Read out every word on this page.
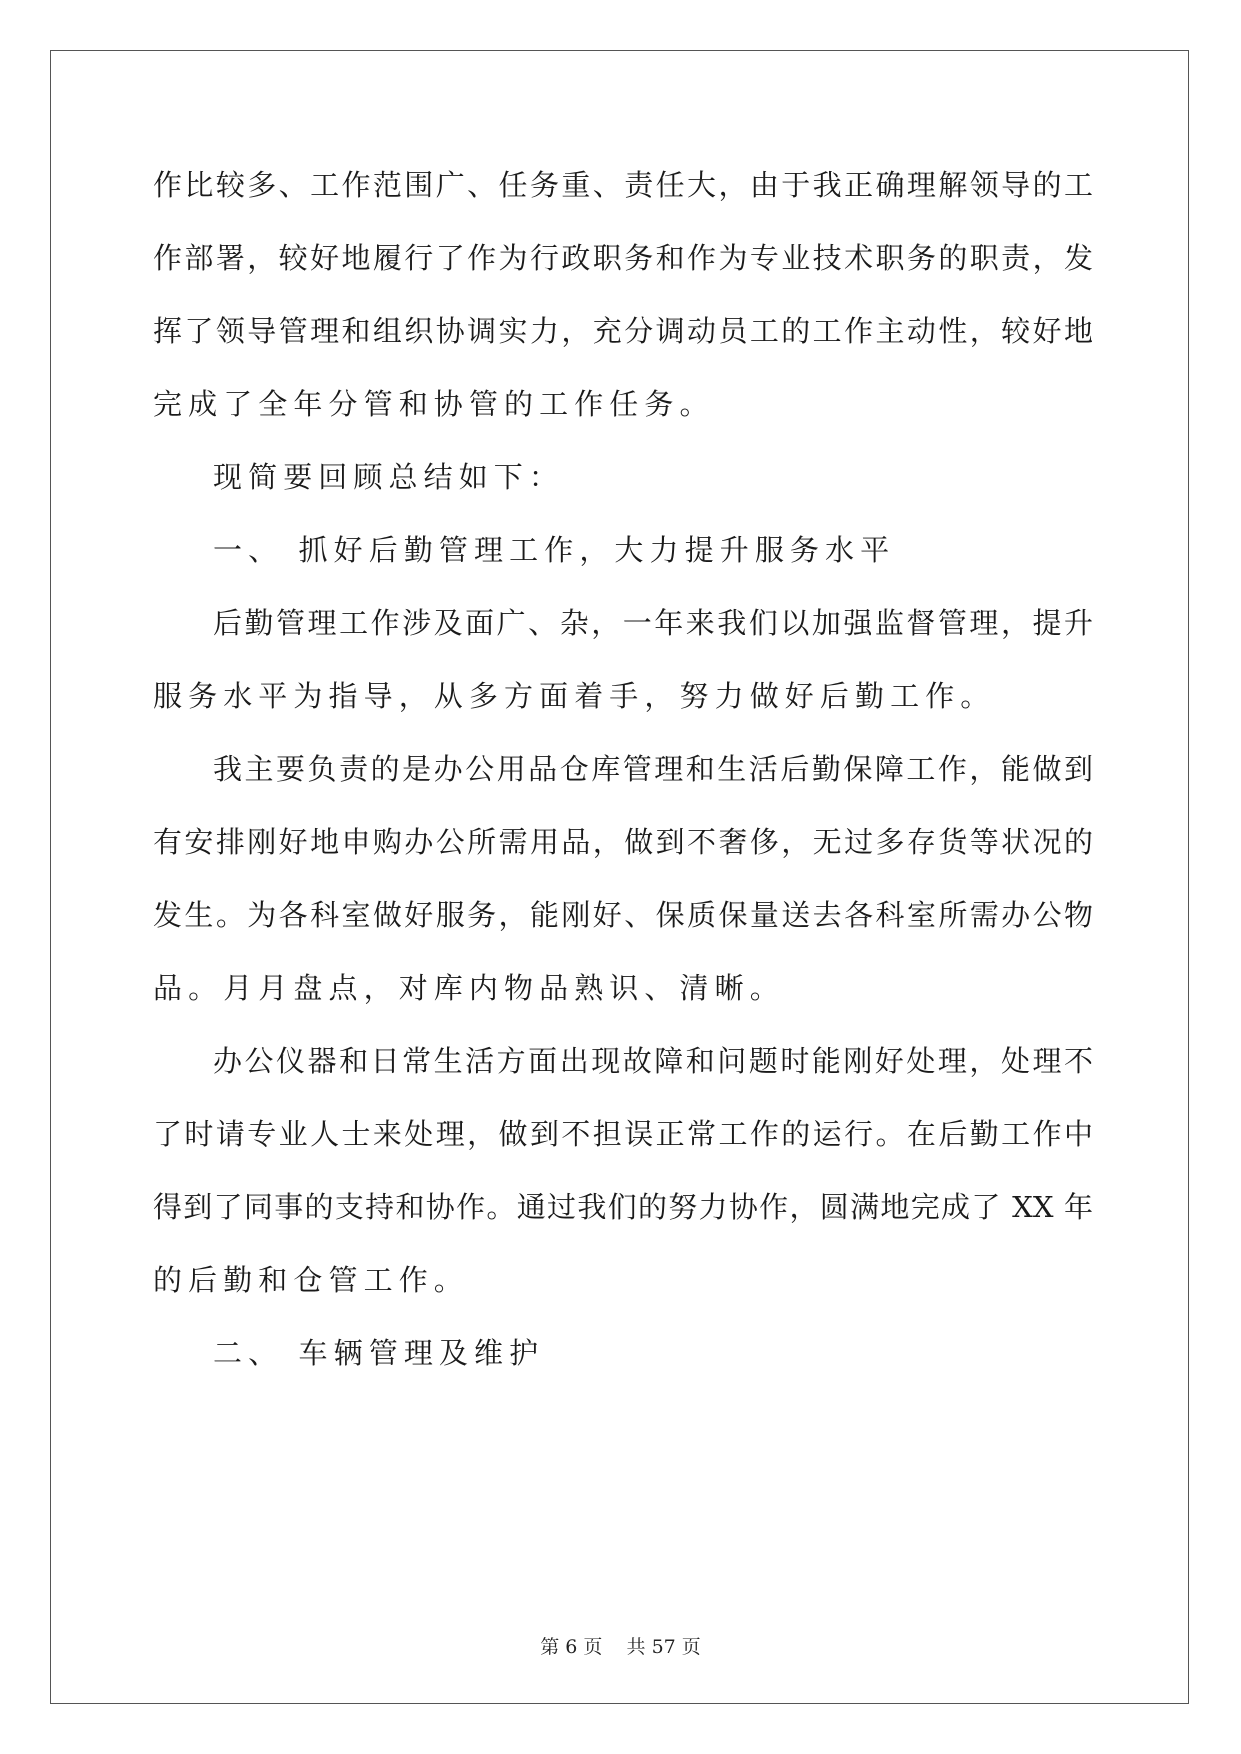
作比较多、工作范围广、任务重、责任大，由于我正确理解领导的工
作部署，较好地履行了作为行政职务和作为专业技术职务的职责，发
挥了领导管理和组织协调实力，充分调动员工的工作主动性，较好地
完成了全年分管和协管的工作任务。
现简要回顾总结如下：
一、 抓好后勤管理工作，大力提升服务水平
后勤管理工作涉及面广、杂，一年来我们以加强监督管理，提升
服务水平为指导，从多方面着手，努力做好后勤工作。
我主要负责的是办公用品仓库管理和生活后勤保障工作，能做到
有安排刚好地申购办公所需用品，做到不奢侈，无过多存货等状况的
发生。为各科室做好服务，能刚好、保质保量送去各科室所需办公物
品。月月盘点，对库内物品熟识、清晰。
办公仪器和日常生活方面出现故障和问题时能刚好处理，处理不
了时请专业人士来处理，做到不担误正常工作的运行。在后勤工作中
得到了同事的支持和协作。通过我们的努力协作，圆满地完成了 XX 年
的后勤和仓管工作。
二、 车辆管理及维护
第 6 页 共 57 页
